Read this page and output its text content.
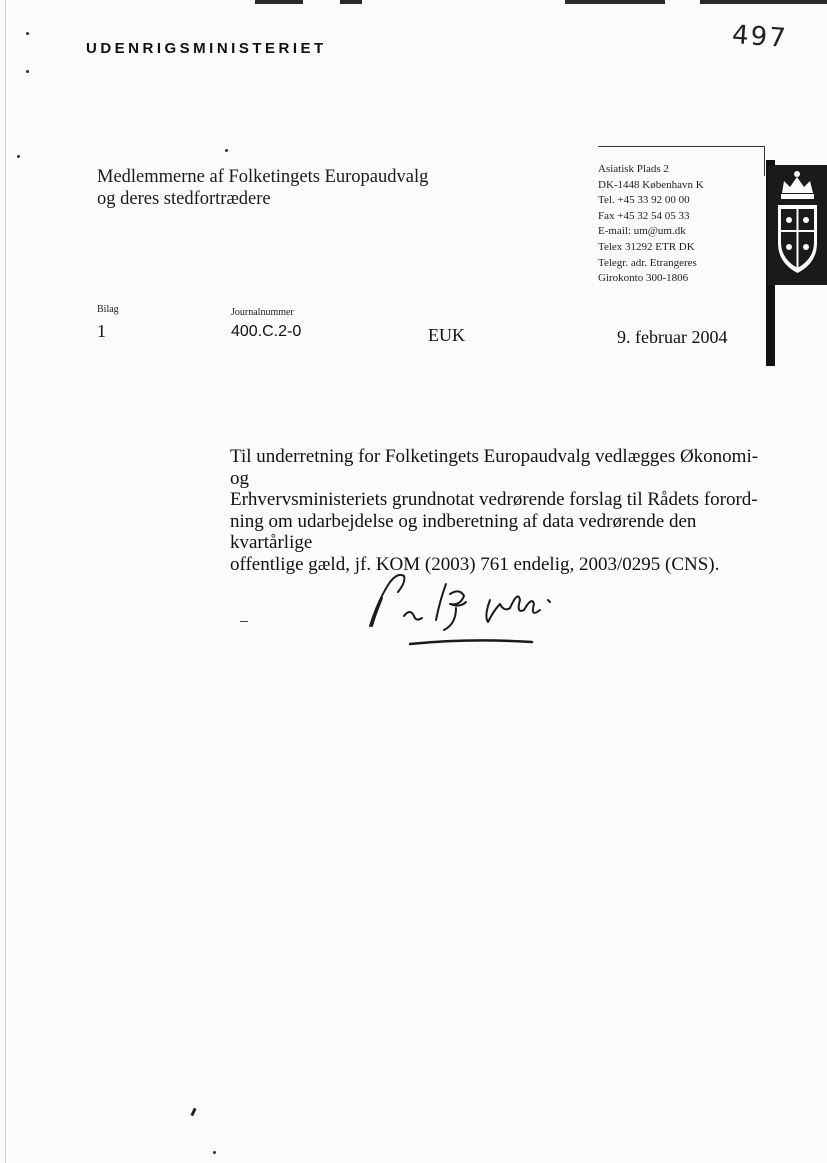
UDENRIGSMINISTERIET	497
Medlemmerne af Folketingets Europaudvalg
og deres stedfortrædere
Asiatisk Plads 2
DK-1448 København K
Tel. +45 33 92 00 00
Fax +45 32 54 05 33
E-mail: um@um.dk
Telex 31292 ETR DK
Telegr. adr. Etrangeres
Girokonto 300-1806
Bilag
1
Journalnummer
400.C.2-0	EUK	9. februar 2004
Til underretning for Folketingets Europaudvalg vedlægges Økonomi- og
Erhvervsministeriets grundnotat vedrørende forslag til Rådets forord-
ning om udarbejdelse og indberetning af data vedrørende den kvartårlige
offentlige gæld, jf. KOM (2003) 761 endelig, 2003/0295 (CNS).
